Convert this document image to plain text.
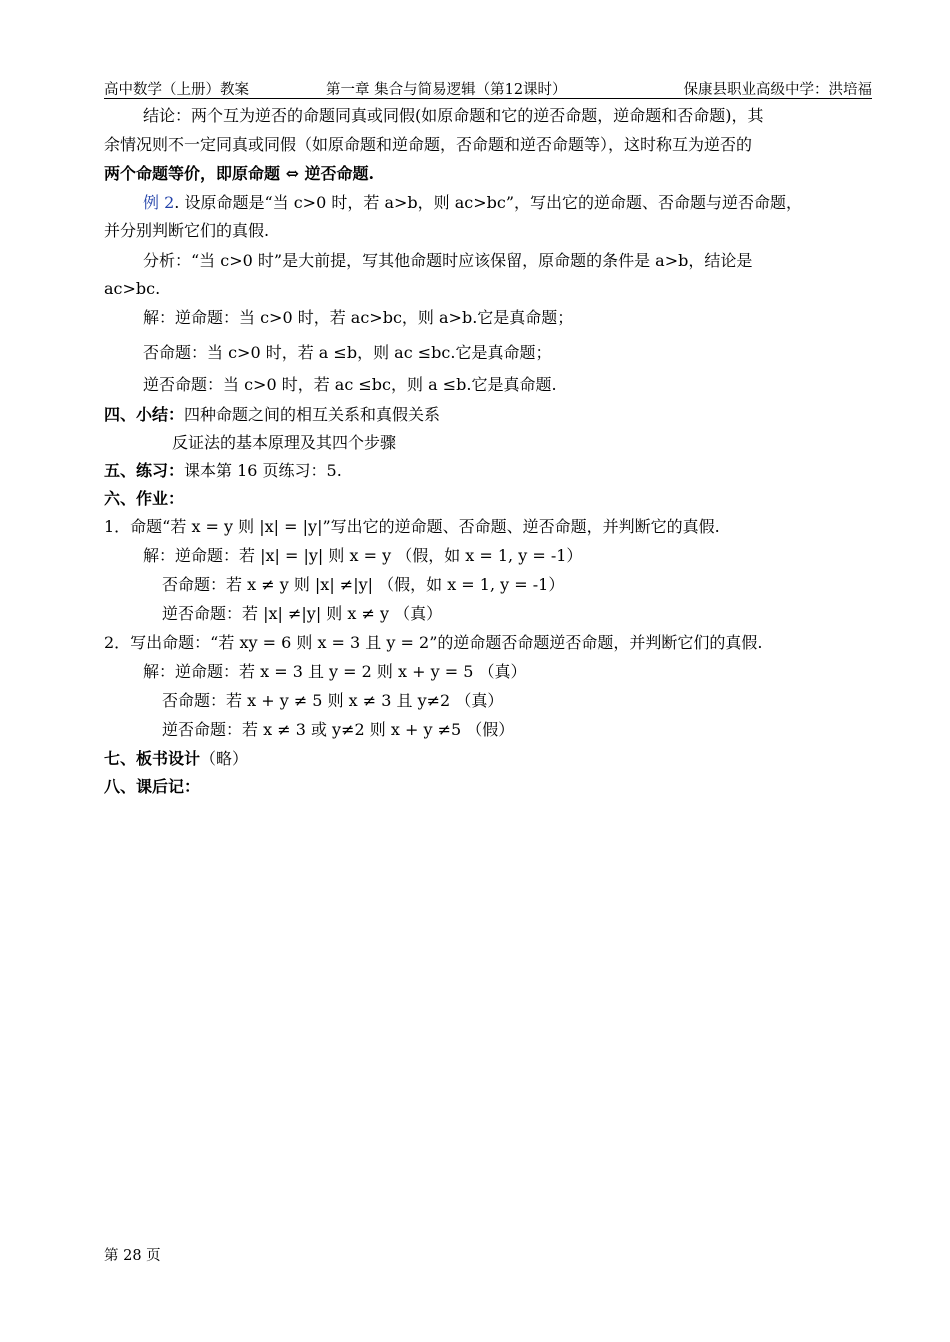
高中数学（上册）教案	第一章 集合与简易逻辑（第12课时）	保康县职业高级中学：洪培福
结论：两个互为逆否的命题同真或同假(如原命题和它的逆否命题，逆命题和否命题)，其
余情况则不一定同真或同假（如原命题和逆命题，否命题和逆否命题等），这时称互为逆否的
两个命题等价，即原命题 ⇔ 逆否命题.
例 2. 设原命题是“当 c>0 时，若 a>b，则 ac>bc”，写出它的逆命题、否命题与逆否命题，
并分别判断它们的真假.
分析：“当 c>0 时”是大前提，写其他命题时应该保留，原命题的条件是 a>b，结论是
ac>bc.
解：逆命题：当 c>0 时，若 ac>bc，则 a>b.它是真命题；
否命题：当 c>0 时，若 a ≤b，则 ac ≤bc.它是真命题；
逆否命题：当 c>0 时，若 ac ≤bc，则 a ≤b.它是真命题.
四、小结：四种命题之间的相互关系和真假关系
反证法的基本原理及其四个步骤
五、练习：课本第 16 页练习：5.
六、作业：
1．命题“若 x = y 则 |x| = |y|”写出它的逆命题、否命题、逆否命题，并判断它的真假.
解：逆命题：若 |x| = |y| 则 x = y （假，如 x = 1, y = -1）
否命题：若 x ≠ y 则 |x| ≠|y| （假，如 x = 1, y = -1）
逆否命题：若 |x| ≠|y| 则 x ≠ y （真）
2．写出命题：“若 xy = 6 则 x = 3 且 y = 2”的逆命题否命题逆否命题，并判断它们的真假.
解：逆命题：若 x = 3 且 y = 2 则 x + y = 5 （真）
否命题：若 x + y ≠ 5 则 x ≠ 3 且 y≠2 （真）
逆否命题：若 x ≠ 3 或 y≠2 则 x + y ≠5 （假）
七、板书设计（略）
八、课后记：
第 28 页
